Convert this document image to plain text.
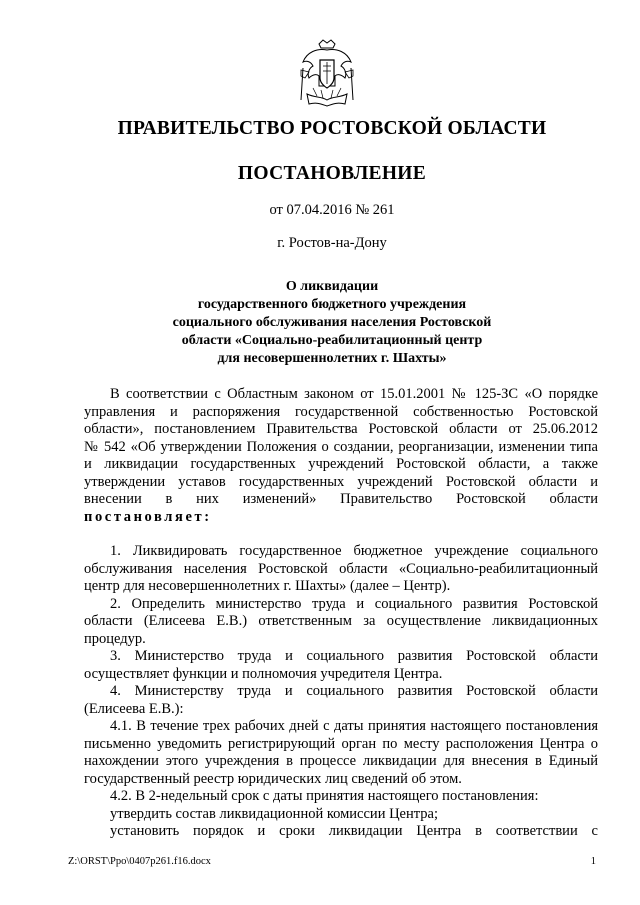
ПРАВИТЕЛЬСТВО РОСТОВСКОЙ ОБЛАСТИ
ПОСТАНОВЛЕНИЕ
от 07.04.2016 № 261
г. Ростов-на-Дону
О ликвидации
государственного бюджетного учреждения
социального обслуживания населения Ростовской
области «Социально-реабилитационный центр
для несовершеннолетних г. Шахты»

В соответствии с Областным законом от 15.01.2001 № 125-ЗС «О порядке

управления и распоряжения государственной собственностью Ростовской

области», постановлением Правительства Ростовской области от 25.06.2012

№ 542 «Об утверждении Положения о создании, реорганизации, изменении типа

и ликвидации государственных учреждений Ростовской области, а также

утверждении уставов государственных учреждений Ростовской области и

внесении в них изменений» Правительство Ростовской области

постановляет:

1. Ликвидировать государственное бюджетное учреждение социального

обслуживания населения Ростовской области «Социально-реабилитационный

центр для несовершеннолетних г. Шахты» (далее – Центр).

2. Определить министерство труда и социального развития Ростовской

области (Елисеева Е.В.) ответственным за осуществление ликвидационных

процедур.

3. Министерство труда и социального развития Ростовской области

осуществляет функции и полномочия учредителя Центра.

4. Министерству труда и социального развития Ростовской области

(Елисеева Е.В.):

4.1. В течение трех рабочих дней с даты принятия настоящего постановления

письменно уведомить регистрирующий орган по месту расположения Центра о

нахождении этого учреждения в процессе ликвидации для внесения в Единый

государственный реестр юридических лиц сведений об этом.

4.2. В 2-недельный срок с даты принятия настоящего постановления:

утвердить состав ликвидационной комиссии Центра;

установить порядок и сроки ликвидации Центра в соответствии с

Z:\ORST\Ppo\0407p261.f16.docx	1
